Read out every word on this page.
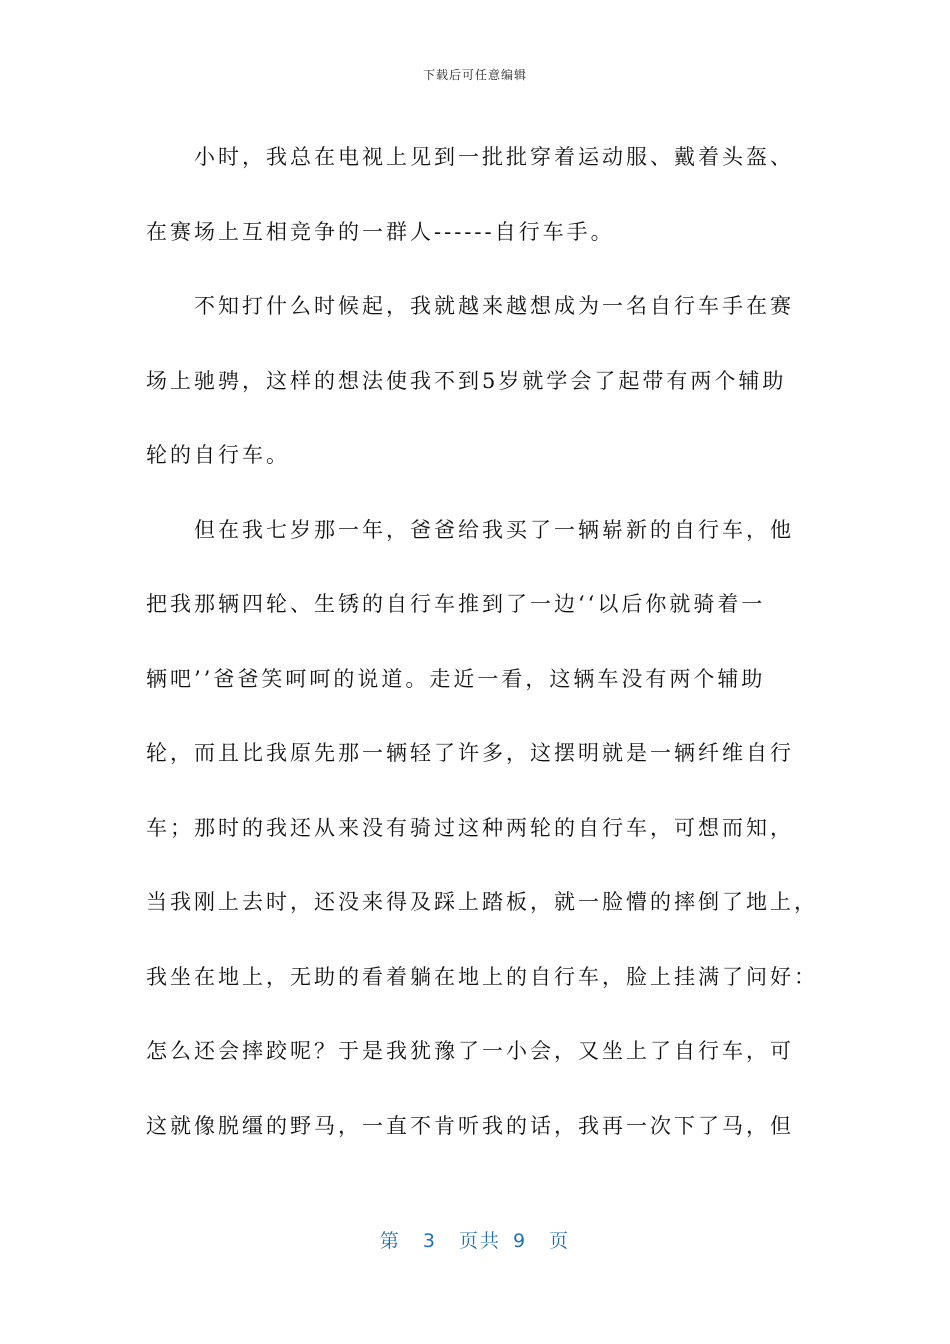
下载后可任意编辑
小时，我总在电视上见到一批批穿着运动服、戴着头盔、
在赛场上互相竞争的一群人------自行车手。
不知打什么时候起，我就越来越想成为一名自行车手在赛
场上驰骋，这样的想法使我不到5岁就学会了起带有两个辅助
轮的自行车。
但在我七岁那一年，爸爸给我买了一辆崭新的自行车，他
把我那辆四轮、生锈的自行车推到了一边‘‘以后你就骑着一
辆吧’’爸爸笑呵呵的说道。走近一看，这辆车没有两个辅助
轮，而且比我原先那一辆轻了许多，这摆明就是一辆纤维自行
车；那时的我还从来没有骑过这种两轮的自行车，可想而知，
当我刚上去时，还没来得及踩上踏板，就一脸懵的摔倒了地上，
我坐在地上，无助的看着躺在地上的自行车，脸上挂满了问好：
怎么还会摔跤呢？于是我犹豫了一小会，又坐上了自行车，可
这就像脱缰的野马，一直不肯听我的话，我再一次下了马，但
第 3 页共 9 页
